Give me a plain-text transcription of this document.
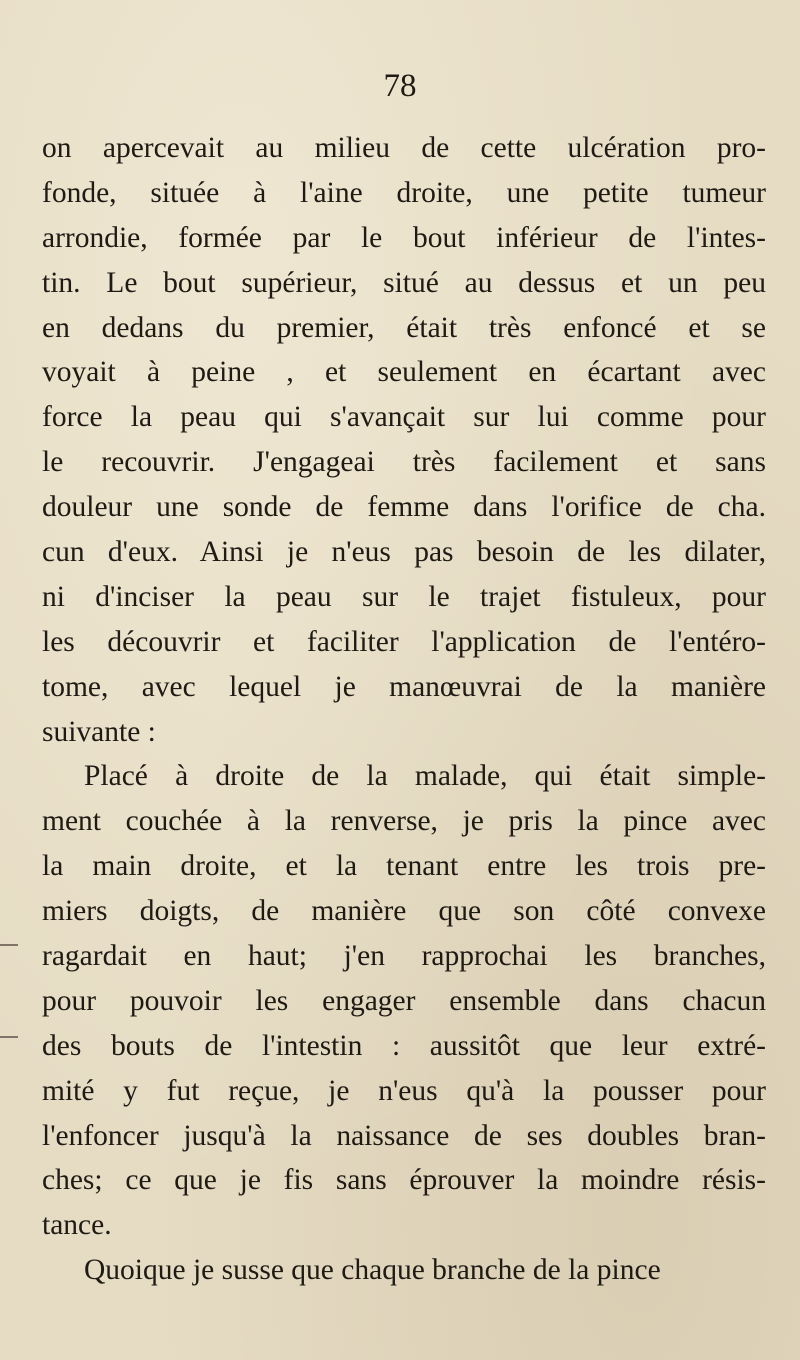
78
on apercevait au milieu de cette ulcération pro-
fonde, située à l'aine droite, une petite tumeur
arrondie, formée par le bout inférieur de l'intes-
tin. Le bout supérieur, situé au dessus et un peu
en dedans du premier, était très enfoncé et se
voyait à peine , et seulement en écartant avec
force la peau qui s'avançait sur lui comme pour
le recouvrir. J'engageai très facilement et sans
douleur une sonde de femme dans l'orifice de cha.
cun d'eux. Ainsi je n'eus pas besoin de les dilater,
ni d'inciser la peau sur le trajet fistuleux, pour
les découvrir et faciliter l'application de l'entéro-
tome, avec lequel je manœuvrai de la manière
suivante :
Placé à droite de la malade, qui était simple-
ment couchée à la renverse, je pris la pince avec
la main droite, et la tenant entre les trois pre-
miers doigts, de manière que son côté convexe
ragardait en haut; j'en rapprochai les branches,
pour pouvoir les engager ensemble dans chacun
des bouts de l'intestin : aussitôt que leur extré-
mité y fut reçue, je n'eus qu'à la pousser pour
l'enfoncer jusqu'à la naissance de ses doubles bran-
ches; ce que je fis sans éprouver la moindre résis-
tance.
Quoique je susse que chaque branche de la pince
